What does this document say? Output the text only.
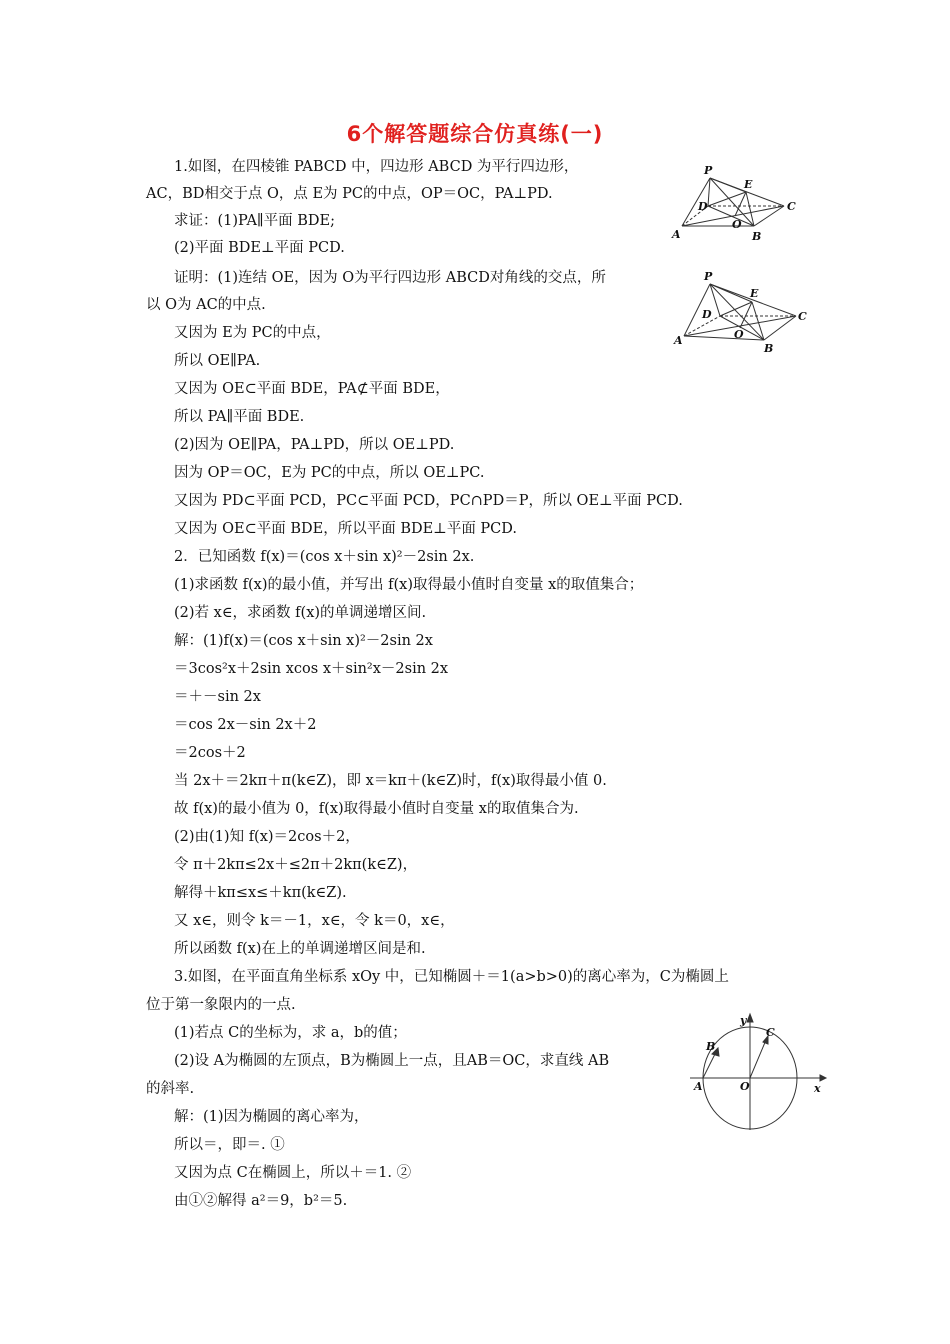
6个解答题综合仿真练(一)
1.如图，在四棱锥 PABCD 中，四边形 ABCD 为平行四边形，
AC，BD相交于点 O，点 E为 PC的中点，OP＝OC，PA⊥PD.
求证：(1)PA∥平面 BDE;
(2)平面 BDE⊥平面 PCD.
证明：(1)连结 OE，因为 O为平行四边形 ABCD对角线的交点，所
以 O为 AC的中点.
又因为 E为 PC的中点，
所以 OE∥PA.
又因为 OE⊂平面 BDE，PA⊄平面 BDE，
所以 PA∥平面 BDE.
(2)因为 OE∥PA，PA⊥PD，所以 OE⊥PD.
因为 OP＝OC，E为 PC的中点，所以 OE⊥PC.
又因为 PD⊂平面 PCD，PC⊂平面 PCD，PC∩PD＝P，所以 OE⊥平面 PCD.
又因为 OE⊂平面 BDE，所以平面 BDE⊥平面 PCD.
2．已知函数 f(x)＝(cos x＋sin x)²－2sin 2x.
(1)求函数 f(x)的最小值，并写出 f(x)取得最小值时自变量 x的取值集合；
(2)若 x∈，求函数 f(x)的单调递增区间.
解：(1)f(x)＝(cos x＋sin x)²－2sin 2x
＝3cos²x＋2sin xcos x＋sin²x－2sin 2x
＝＋－sin 2x
＝cos 2x－sin 2x＋2
＝2cos＋2
当 2x＋＝2kπ＋π(k∈Z)，即 x＝kπ＋(k∈Z)时，f(x)取得最小值 0.
故 f(x)的最小值为 0，f(x)取得最小值时自变量 x的取值集合为.
(2)由(1)知 f(x)＝2cos＋2，
令 π＋2kπ≤2x＋≤2π＋2kπ(k∈Z)，
解得＋kπ≤x≤＋kπ(k∈Z).
又 x∈，则令 k＝－1，x∈，令 k＝0，x∈，
所以函数 f(x)在上的单调递增区间是和.
3.如图，在平面直角坐标系 xOy 中，已知椭圆＋＝1(a>b>0)的离心率为，C为椭圆上
位于第一象限内的一点.
(1)若点 C的坐标为，求 a，b的值；
(2)设 A为椭圆的左顶点，B为椭圆上一点，且AB＝OC，求直线 AB
的斜率.
解：(1)因为椭圆的离心率为，
所以＝，即＝. ①
又因为点 C在椭圆上，所以＋＝1. ②
由①②解得 a²＝9，b²＝5.
P
E
D
O
C
A	B
P
E
D
O
C
A
B
y
C
B
A	O	x
